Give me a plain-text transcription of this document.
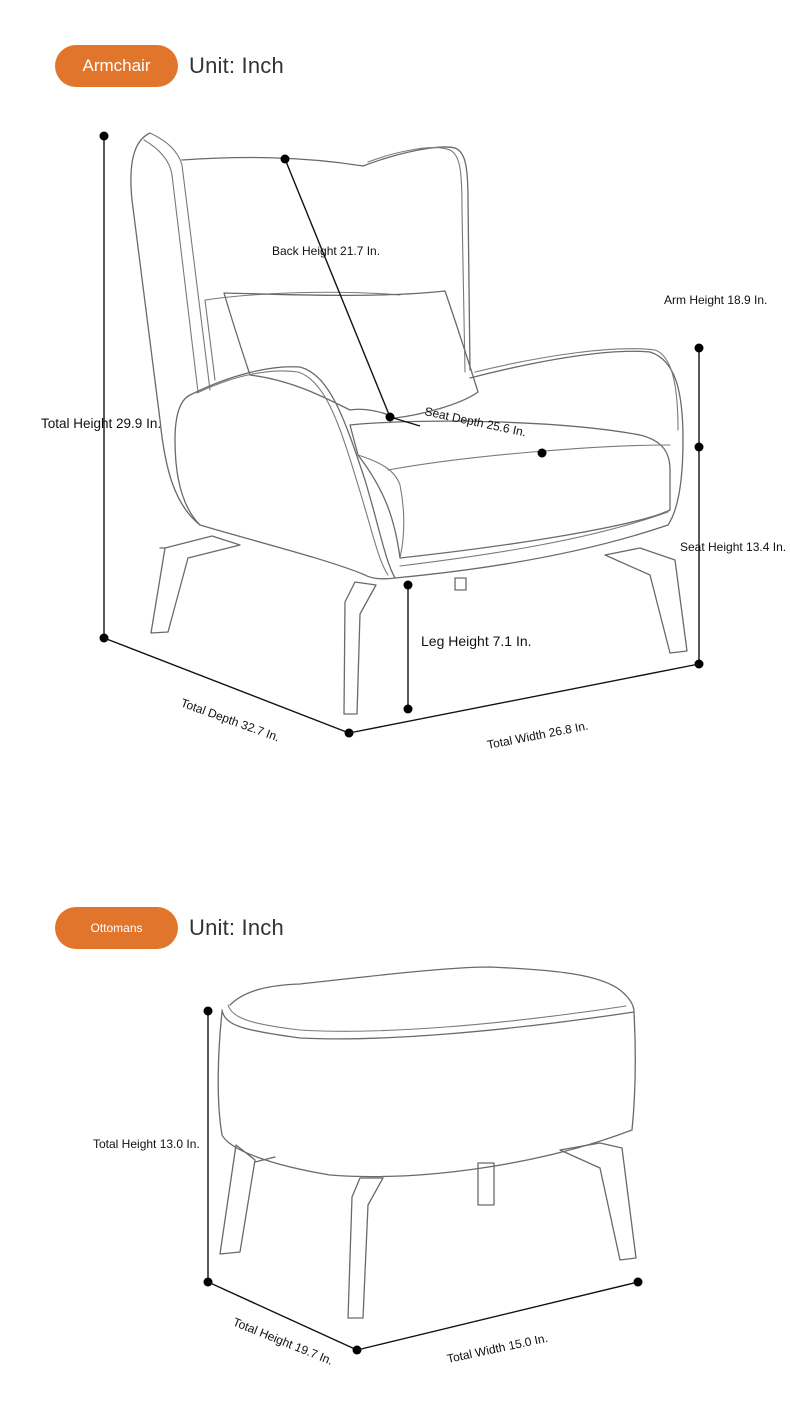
Armchair	Unit: Inch
Ottomans	Unit: Inch
Back Height 21.7 In.
Arm Height 18.9 In.
Total Height 29.9 In.	Seat Depth 25.6 In.
Seat Height 13.4 In.
Leg Height 7.1 In.
Total Depth 32.7 In.	Total Width 26.8 In.
Total Height 13.0 In.
Total Height 19.7 In.	Total Width 15.0 In.
